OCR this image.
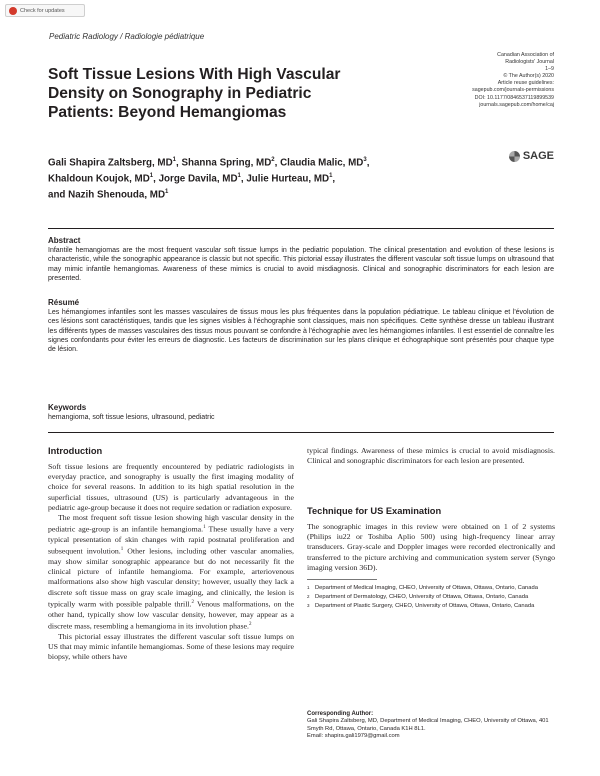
Check for updates
Pediatric Radiology / Radiologie pédiatrique
Canadian Association of
Radiologists' Journal
1–9
© The Author(s) 2020
Article reuse guidelines:
sagepub.com/journals-permissions
DOI: 10.1177/0846537119899539
journals.sagepub.com/home/caj
SAGE
Soft Tissue Lesions With High Vascular Density on Sonography in Pediatric Patients: Beyond Hemangiomas
Gali Shapira Zaltsberg, $MD^1$, Shanna Spring, $MD^2$, Claudia Malic, $MD^3$,
Khaldoun Koujok, $MD^1$, Jorge Davila, $MD^1$, Julie Hurteau, $MD^1$,
and Nazih Shenouda, $MD^1$
Abstract
Infantile hemangiomas are the most frequent vascular soft tissue lumps in the pediatric population. The clinical presentation and evolution of these lesions is characteristic, while the sonographic appearance is classic but not specific. This pictorial essay illustrates the different vascular soft tissue lumps on ultrasound that may mimic infantile hemangiomas. Awareness of these mimics is crucial to avoid misdiagnosis. Clinical and sonographic discriminators for each lesion are presented.
Résumé
Les hémangiomes infantiles sont les masses vasculaires de tissus mous les plus fréquentes dans la population pédiatrique. Le tableau clinique et l'évolution de ces lésions sont caractéristiques, tandis que les signes visibles à l'échographie sont classiques, mais non spécifiques. Cette synthèse dresse un tableau illustrant les différents types de masses vasculaires des tissus mous pouvant se confondre à l'échographie avec les hémangiomes infantiles. Il est essentiel de connaître les signes confondants pour éviter les erreurs de diagnostic. Les facteurs de discrimination sur les plans clinique et échographique sont présentés pour chaque type de lésion.
Keywords
hemangioma, soft tissue lesions, ultrasound, pediatric
Introduction

Soft tissue lesions are frequently encountered by pediatric radiologists in everyday practice, and sonography is usually the first imaging modality of choice for several reasons. In addition to its high spatial resolution in the superficial tissues, ultrasound (US) is particularly advantageous in the pediatric age-group because it does not require sedation or radiation exposure.

The most frequent soft tissue lesion showing high vascular density in the pediatric age-group is an infantile hemangioma.$^1$ These usually have a very typical presentation of skin changes with rapid postnatal proliferation and subsequent involution.$^1$ Other lesions, including other vascular anomalies, may show similar sonographic appearance but do not necessarily fit the clinical picture of infantile hemangioma. For example, arteriovenous malformations also show high vascular density; however, usually they lack a discrete soft tissue mass on gray scale imaging, and clinically, the lesion is typically warm with possible palpable thrill.$^2$ Venous malformations, on the other hand, typically show low vascular density, however, may appear as a discrete mass, resembling a hemangioma in its involution phase.$^2$

This pictorial essay illustrates the different vascular soft tissue lumps on US that may mimic infantile hemangiomas. Some of these lesions may require biopsy, while others have

typical findings. Awareness of these mimics is crucial to avoid misdiagnosis. Clinical and sonographic discriminators for each lesion are presented.

Technique for US Examination

The sonographic images in this review were obtained on 1 of 2 systems (Philips iu22 or Toshiba Aplio 500) using high-frequency linear array transducers. Gray-scale and Doppler images were recorded electronically and transferred to the picture archiving and communication system server (Syngo imaging version 36D).

1 Department of Medical Imaging, CHEO, University of Ottawa, Ottawa, Ontario, Canada
2 Department of Dermatology, CHEO, University of Ottawa, Ottawa, Ontario, Canada
3 Department of Plastic Surgery, CHEO, University of Ottawa, Ottawa, Ontario, Canada
Corresponding Author:
Gali Shapira Zaltsberg, MD, Department of Medical Imaging, CHEO, University of Ottawa, 401 Smyth Rd, Ottawa, Ontario, Canada K1H 8L1.
Email: shapira.gali1979@gmail.com
